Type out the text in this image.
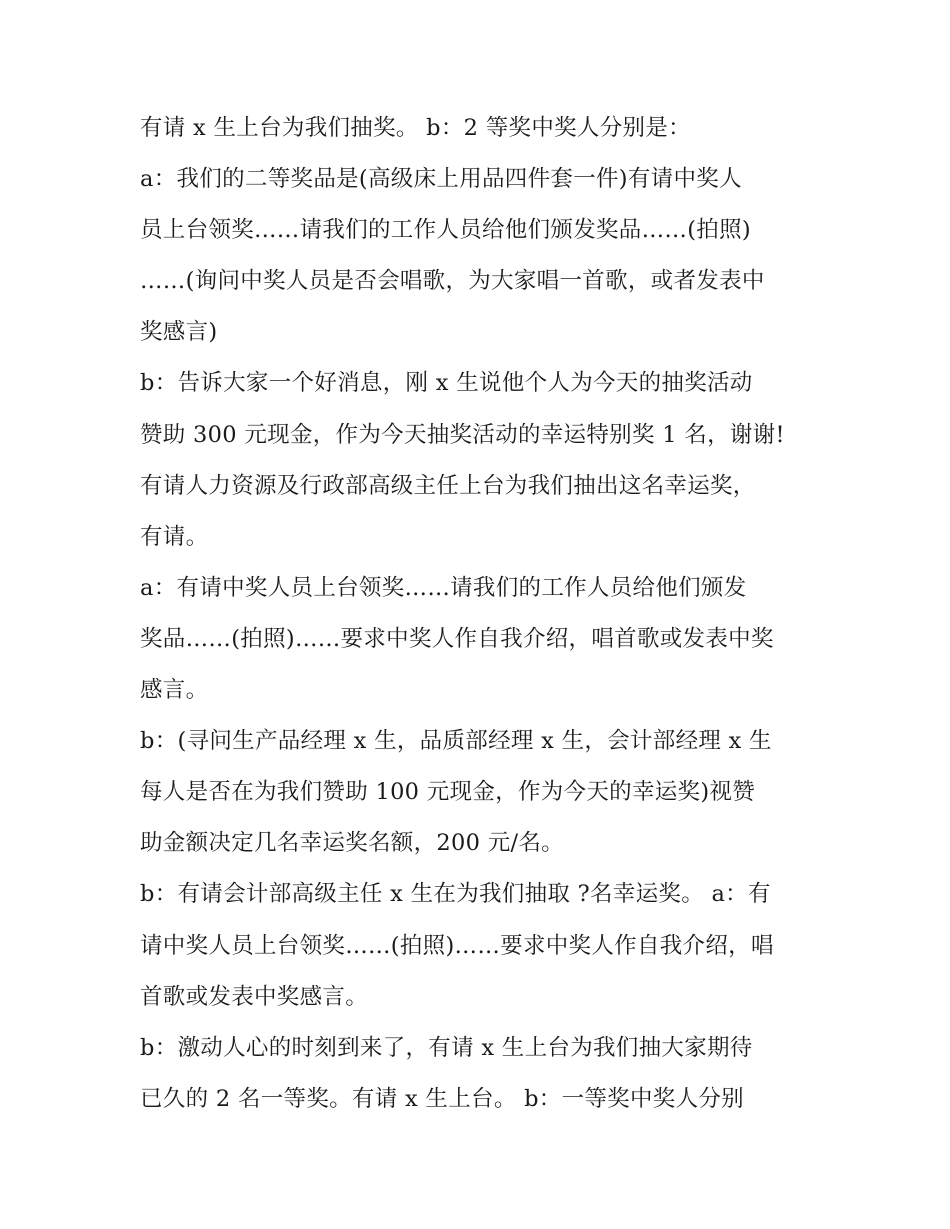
有请 x 生上台为我们抽奖。 b：2 等奖中奖人分别是：
a：我们的二等奖品是(高级床上用品四件套一件)有请中奖人
员上台领奖……请我们的工作人员给他们颁发奖品……(拍照)
……(询问中奖人员是否会唱歌，为大家唱一首歌，或者发表中
奖感言)
b：告诉大家一个好消息，刚 x 生说他个人为今天的抽奖活动
赞助 300 元现金，作为今天抽奖活动的幸运特别奖 1 名，谢谢!
有请人力资源及行政部高级主任上台为我们抽出这名幸运奖，
有请。
a：有请中奖人员上台领奖……请我们的工作人员给他们颁发
奖品……(拍照)……要求中奖人作自我介绍，唱首歌或发表中奖
感言。
b：(寻问生产品经理 x 生，品质部经理 x 生，会计部经理 x 生
每人是否在为我们赞助 100 元现金，作为今天的幸运奖)视赞
助金额决定几名幸运奖名额，200 元/名。
b：有请会计部高级主任 x 生在为我们抽取 ?名幸运奖。 a：有
请中奖人员上台领奖……(拍照)……要求中奖人作自我介绍，唱
首歌或发表中奖感言。
b：激动人心的时刻到来了，有请 x 生上台为我们抽大家期待
已久的 2 名一等奖。有请 x 生上台。 b：一等奖中奖人分别
